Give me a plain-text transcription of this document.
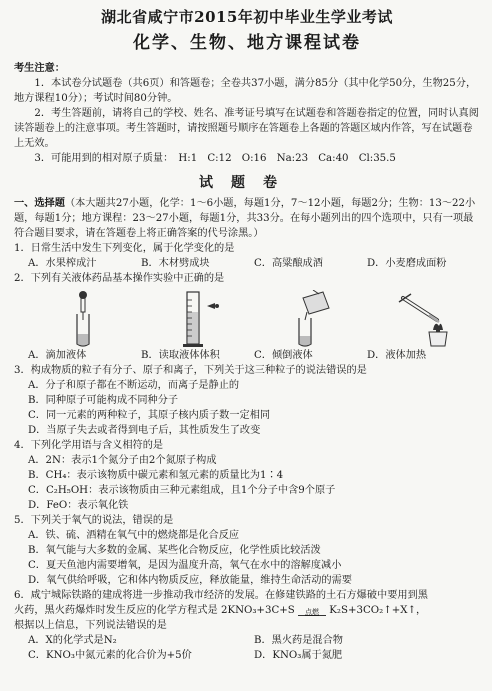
湖北省咸宁市2015年初中毕业生学业考试
化学、生物、地方课程试卷
考生注意：
1．本试卷分试题卷（共6页）和答题卷；全卷共37小题，满分85分（其中化学50分，生物25分，地方课程10分）；考试时间80分钟。
2．考生答题前，请将自己的学校、姓名、准考证号填写在试题卷和答题卷指定的位置，同时认真阅读答题卷上的注意事项。考生答题时，请按照题号顺序在答题卷上各题的答题区域内作答，写在试题卷上无效。
3．可能用到的相对原子质量：　H:1　C:12　O:16　Na:23　Ca:40　Cl:35.5
试题卷
一、选择题（本大题共27小题，化学：1～6小题，每题1分，7～12小题，每题2分；生物：13～22小题，每题1分；地方课程：23～27小题，每题1分，共33分。在每小题列出的四个选项中，只有一项最符合题目要求，请在答题卷上将正确答案的代号涂黑。）
1．日常生活中发生下列变化，属于化学变化的是
A．水果榨成汁	B．木材劈成块	C．高粱酿成酒	D．小麦磨成面粉
2．下列有关液体药品基本操作实验中正确的是
A．滴加液体	B．读取液体体积	C．倾倒液体	D．液体加热
3．构成物质的粒子有分子、原子和离子，下列关于这三种粒子的说法错误的是
A．分子和原子都在不断运动，而离子是静止的
B．同种原子可能构成不同种分子
C．同一元素的两种粒子，其原子核内质子数一定相同
D．当原子失去或者得到电子后，其性质发生了改变
4．下列化学用语与含义相符的是
A．2N：表示1个氮分子由2个氮原子构成
B．CH₄：表示该物质中碳元素和氢元素的质量比为1∶4
C．C₂H₅OH：表示该物质由三种元素组成，且1个分子中含9个原子
D．FeO：表示氧化铁
5．下列关于氧气的说法，错误的是
A．铁、硫、酒精在氧气中的燃烧都是化合反应
B．氧气能与大多数的金属、某些化合物反应，化学性质比较活泼
C．夏天鱼池内需要增氧，是因为温度升高，氧气在水中的溶解度减小
D．氧气供给呼吸，它和体内物质反应，释放能量，维持生命活动的需要
6．咸宁城际铁路的建成将进一步推动我市经济的发展。在修建铁路的土石方爆破中要用到黑
火药，黑火药爆炸时发生反应的化学方程式是 2KNO₃+3C+S	点燃	K₂S+3CO₂↑+X↑，
根据以上信息，下列说法错误的是
A．X的化学式是N₂	B．黑火药是混合物
C．KNO₃中氮元素的化合价为+5价	D．KNO₃属于氮肥
